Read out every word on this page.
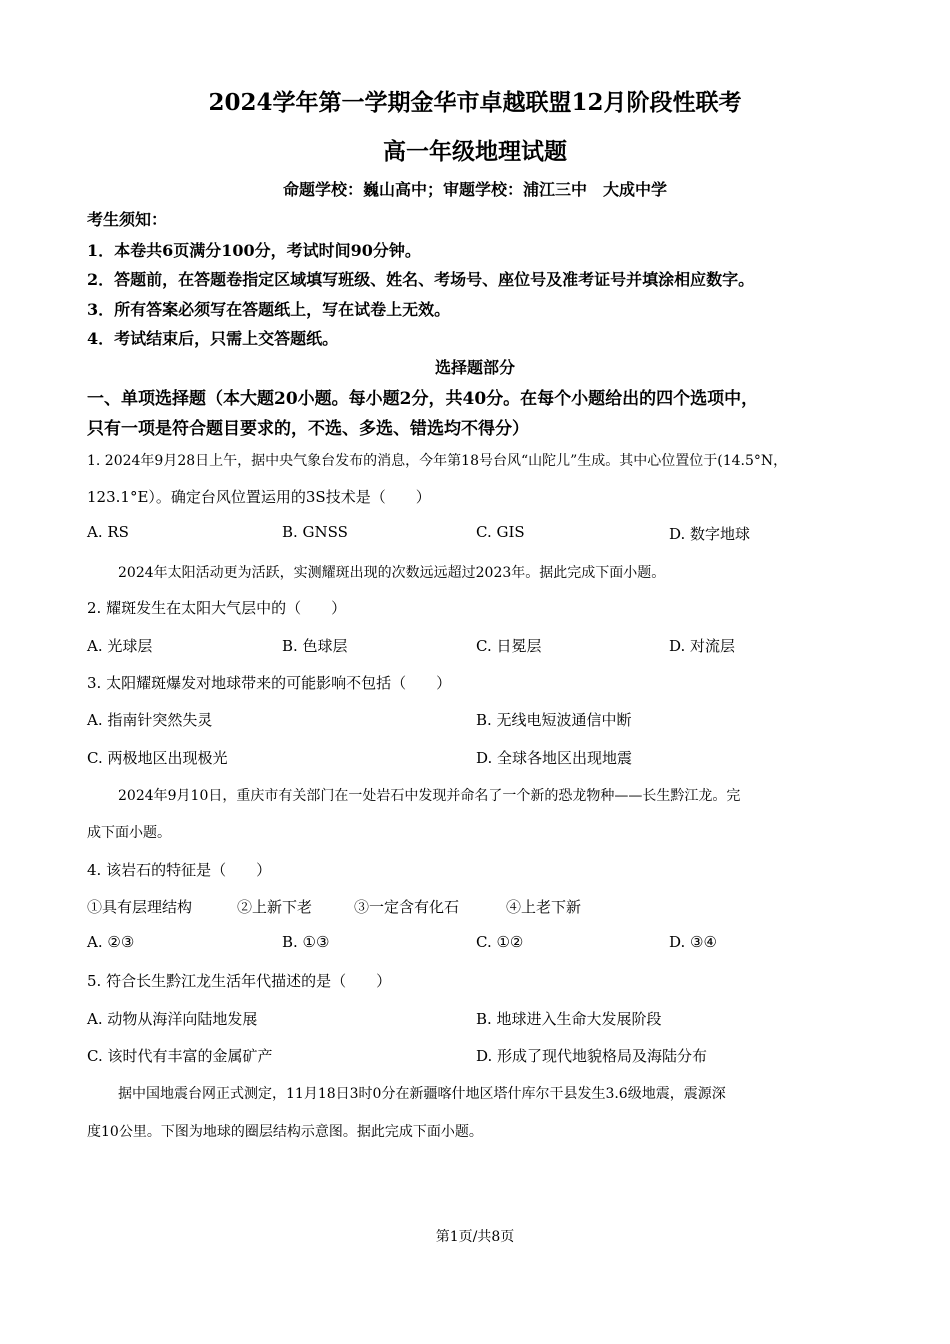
2024学年第一学期金华市卓越联盟12月阶段性联考
高一年级地理试题
命题学校：巍山高中；审题学校：浦江三中　大成中学
考生须知：
1．本卷共6页满分100分，考试时间90分钟。
2．答题前，在答题卷指定区域填写班级、姓名、考场号、座位号及准考证号并填涂相应数字。
3．所有答案必须写在答题纸上，写在试卷上无效。
4．考试结束后，只需上交答题纸。
选择题部分
一、单项选择题（本大题20小题。每小题2分，共40分。在每个小题给出的四个选项中，
只有一项是符合题目要求的，不选、多选、错选均不得分）
1. 2024年9月28日上午，据中央气象台发布的消息，今年第18号台风“山陀儿”生成。其中心位置位于(14.5°N，
123.1°E）。确定台风位置运用的3S技术是（　　）
A. RS	B. GNSS	C. GIS	D. 数字地球
2024年太阳活动更为活跃，实测耀斑出现的次数远远超过2023年。据此完成下面小题。
2. 耀斑发生在太阳大气层中的（　　）
A. 光球层	B. 色球层	C. 日冕层	D. 对流层
3. 太阳耀斑爆发对地球带来的可能影响不包括（　　）
A. 指南针突然失灵	B. 无线电短波通信中断
C. 两极地区出现极光	D. 全球各地区出现地震
2024年9月10日，重庆市有关部门在一处岩石中发现并命名了一个新的恐龙物种——长生黔江龙。完
成下面小题。
4. 该岩石的特征是（　　）
①具有层理结构	②上新下老	③一定含有化石	④上老下新
A. ②③	B. ①③	C. ①②	D. ③④
5. 符合长生黔江龙生活年代描述的是（　　）
A. 动物从海洋向陆地发展	B. 地球进入生命大发展阶段
C. 该时代有丰富的金属矿产	D. 形成了现代地貌格局及海陆分布
据中国地震台网正式测定，11月18日3时0分在新疆喀什地区塔什库尔干县发生3.6级地震，震源深
度10公里。下图为地球的圈层结构示意图。据此完成下面小题。
第1页/共8页
